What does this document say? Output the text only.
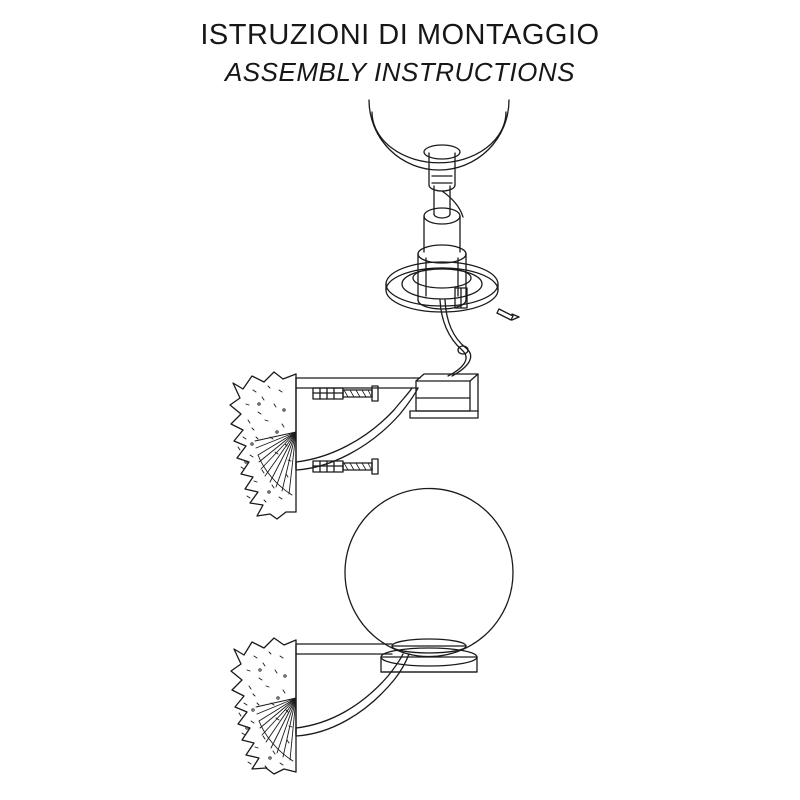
ISTRUZIONI DI MONTAGGIO
ASSEMBLY INSTRUCTIONS
